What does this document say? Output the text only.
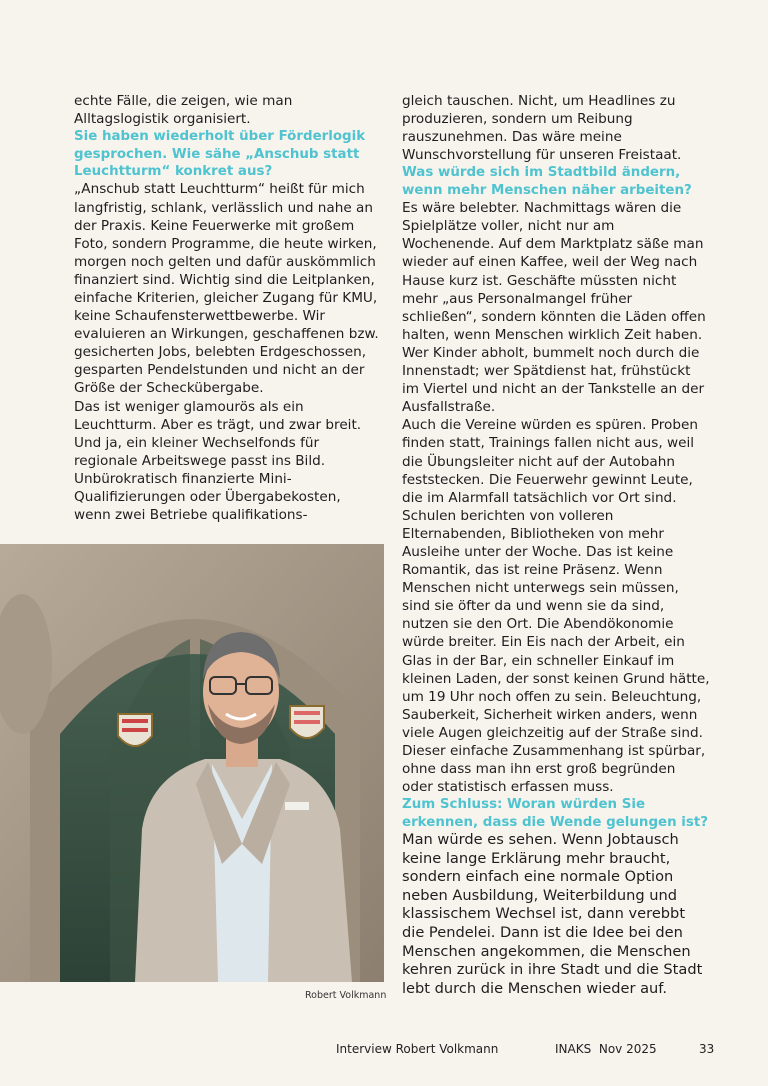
echte Fälle, die zeigen, wie man Alltagslogistik organisiert.

Sie haben wiederholt über Förderlogik gesprochen. Wie sähe „Anschub statt Leuchtturm“ konkret aus?

„Anschub statt Leuchtturm“ heißt für mich langfristig, schlank, verlässlich und nahe an der Praxis. Keine Feuerwerke mit großem Foto, sondern Programme, die heute wirken, morgen noch gelten und dafür auskömmlich finanziert sind. Wichtig sind die Leitplanken, einfache Kriterien, gleicher Zugang für KMU, keine Schaufensterwettbewerbe. Wir evaluieren an Wirkungen, geschaffenen bzw. gesicherten Jobs, belebten Erdgeschossen, gesparten Pendelstunden und nicht an der Größe der Scheckübergabe.

Das ist weniger glamourös als ein Leuchtturm. Aber es trägt, und zwar breit.

Und ja, ein kleiner Wechselfonds für regionale Arbeitswege passt ins Bild. Unbürokratisch finanzierte Mini-Qualifizierungen oder Übergabekosten, wenn zwei Betriebe qualifikations-

gleich tauschen. Nicht, um Headlines zu produzieren, sondern um Reibung rauszunehmen. Das wäre meine Wunschvorstellung für unseren Freistaat.

Was würde sich im Stadtbild ändern, wenn mehr Menschen näher arbeiten?

Es wäre belebter. Nachmittags wären die Spielplätze voller, nicht nur am Wochenende. Auf dem Marktplatz säße man wieder auf einen Kaffee, weil der Weg nach Hause kurz ist. Geschäfte müssten nicht mehr „aus Personalmangel früher schließen“, sondern könnten die Läden offen halten, wenn Menschen wirklich Zeit haben. Wer Kinder abholt, bummelt noch durch die Innenstadt; wer Spätdienst hat, frühstückt im Viertel und nicht an der Tankstelle an der Ausfallstraße.

Auch die Vereine würden es spüren. Proben finden statt, Trainings fallen nicht aus, weil die Übungsleiter nicht auf der Autobahn feststecken. Die Feuerwehr gewinnt Leute, die im Alarmfall tatsächlich vor Ort sind. Schulen berichten von volleren Elternabenden, Bibliotheken von mehr Ausleihe unter der Woche. Das ist keine Romantik, das ist reine Präsenz. Wenn Menschen nicht unterwegs sein müssen, sind sie öfter da und wenn sie da sind, nutzen sie den Ort. Die Abendökonomie würde breiter. Ein Eis nach der Arbeit, ein Glas in der Bar, ein schneller Einkauf im kleinen Laden, der sonst keinen Grund hätte, um 19 Uhr noch offen zu sein. Beleuchtung, Sauberkeit, Sicherheit wirken anders, wenn viele Augen gleichzeitig auf der Straße sind.

Dieser einfache Zusammenhang ist spürbar, ohne dass man ihn erst groß begründen oder statistisch erfassen muss.

Zum Schluss: Woran würden Sie erkennen, dass die Wende gelungen ist?

Man würde es sehen. Wenn Jobtausch keine lange Erklärung mehr braucht, sondern einfach eine normale Option neben Ausbildung, Weiterbildung und klassischem Wechsel ist, dann verebbt die Pendelei. Dann ist die Idee bei den Menschen angekommen, die Menschen kehren zurück in ihre Stadt und die Stadt lebt durch die Menschen wieder auf.

Robert Volkmann
Interview Robert Volkmann	INAKS  Nov 2025	33
